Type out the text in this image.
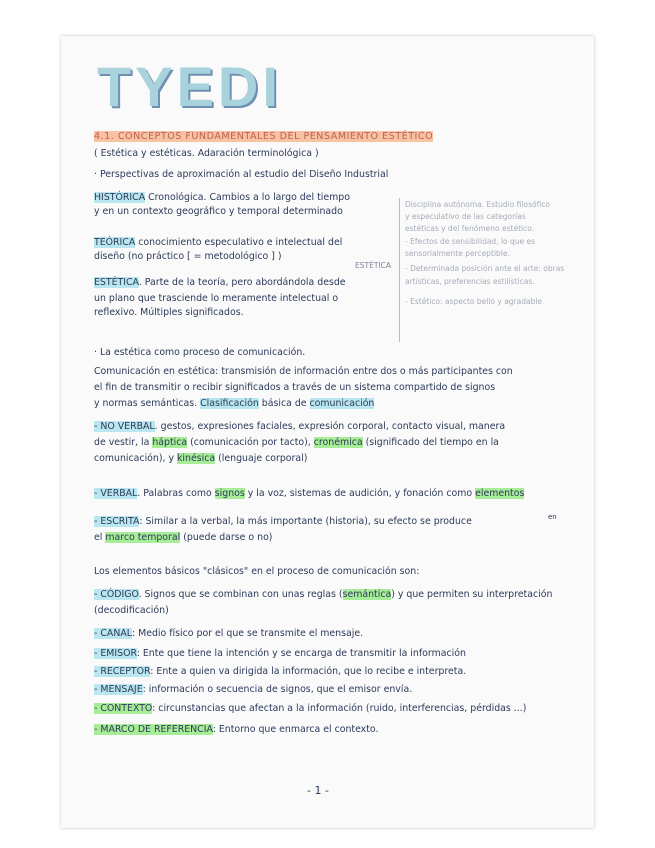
TYEDI
4.1. CONCEPTOS FUNDAMENTALES DEL PENSAMIENTO ESTÉTICO
( Estética y estéticas. Adaración terminológica )
· Perspectivas de aproximación al estudio del Diseño Industrial
HISTÓRICA Cronológica. Cambios a lo largo del tiempo
y en un contexto geográfico y temporal determinado
TEÓRICA conocimiento especulativo e intelectual del
diseño (no práctico [ = metodológico ] )
ESTÉTICA. Parte de la teoría, pero abordándola desde
un plano que trasciende lo meramente intelectual o
reflexivo. Múltiples significados.
ESTÉTICA
Disciplina autónoma. Estudio filosófico
y especulativo de las categorías
estéticas y del fenómeno estético.
- Efectos de sensibilidad, lo que es
sensorialmente perceptible.
- Determinada posición ante el arte: obras
artísticas, preferencias estilísticas.
- Estético: aspecto bello y agradable
· La estética como proceso de comunicación.
Comunicación en estética: transmisión de información entre dos o más participantes con
el fin de transmitir o recibir significados a través de un sistema compartido de signos
y normas semánticas. Clasificación básica de comunicación
- NO VERBAL. gestos, expresiones faciales, expresión corporal, contacto visual, manera
de vestir, la háptica (comunicación por tacto), cronémica (significado del tiempo en la
comunicación), y kinésica (lenguaje corporal)
- VERBAL. Palabras como signos y la voz, sistemas de audición, y fonación como elementos
- ESCRITA: Similar a la verbal, la más importante (historia), su efecto se produce	en
el marco temporal (puede darse o no)
Los elementos básicos "clásicos" en el proceso de comunicación son:
- CÓDIGO. Signos que se combinan con unas reglas (semántica) y que permiten su interpretación
(decodificación)
- CANAL: Medio físico por el que se transmite el mensaje.
- EMISOR: Ente que tiene la intención y se encarga de transmitir la información
- RECEPTOR: Ente a quien va dirigida la información, que lo recibe e interpreta.
- MENSAJE: información o secuencia de signos, que el emisor envía.
- CONTEXTO: circunstancias que afectan a la información (ruido, interferencias, pérdidas ...)
- MARCO DE REFERENCIA: Entorno que enmarca el contexto.
- 1 -
